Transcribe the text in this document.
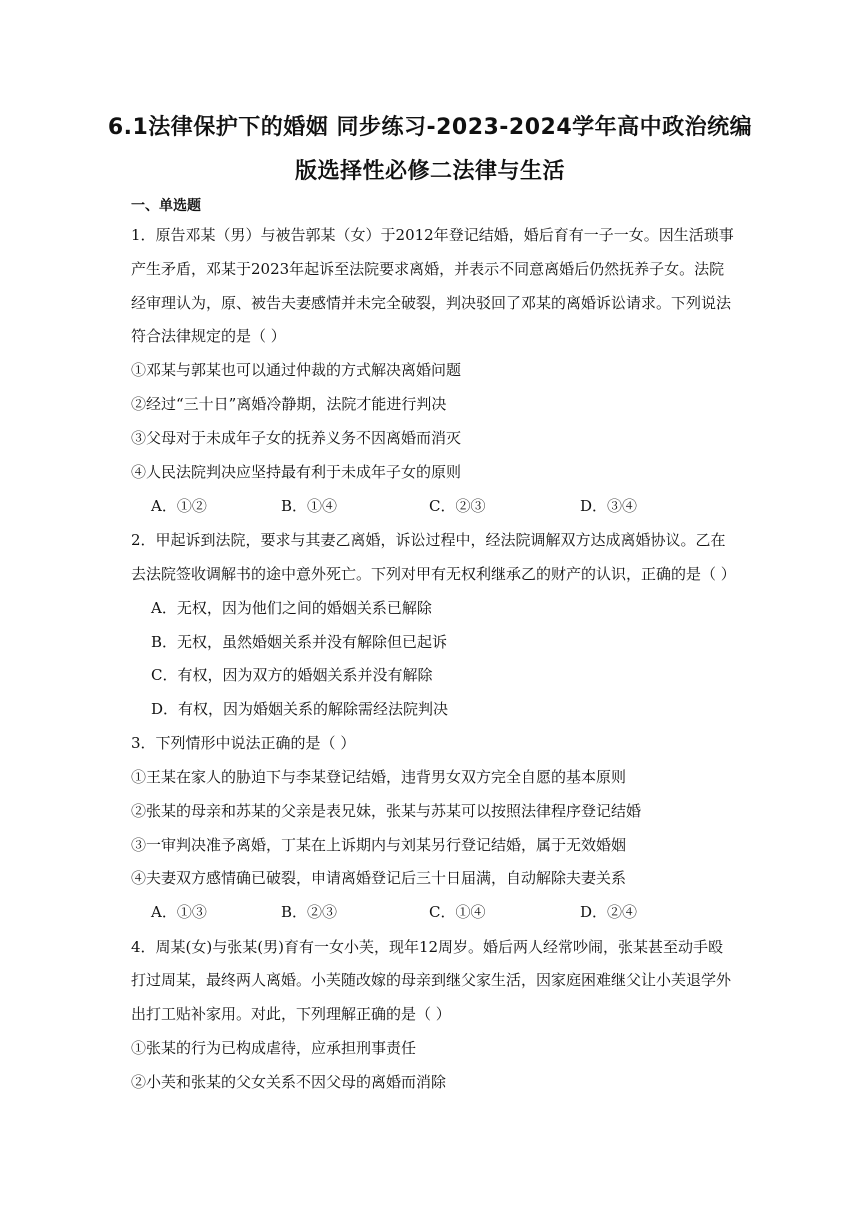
6.1法律保护下的婚姻 同步练习-2023-2024学年高中政治统编
版选择性必修二法律与生活
一、单选题
1．原告邓某（男）与被告郭某（女）于2012年登记结婚，婚后育有一子一女。因生活琐事
产生矛盾，邓某于2023年起诉至法院要求离婚，并表示不同意离婚后仍然抚养子女。法院
经审理认为，原、被告夫妻感情并未完全破裂，判决驳回了邓某的离婚诉讼请求。下列说法
符合法律规定的是（ ）
①邓某与郭某也可以通过仲裁的方式解决离婚问题
②经过“三十日”离婚冷静期，法院才能进行判决
③父母对于未成年子女的抚养义务不因离婚而消灭
④人民法院判决应坚持最有利于未成年子女的原则
A．①②	B．①④	C．②③	D．③④
2．甲起诉到法院，要求与其妻乙离婚，诉讼过程中，经法院调解双方达成离婚协议。乙在
去法院签收调解书的途中意外死亡。下列对甲有无权利继承乙的财产的认识，正确的是（ ）
A．无权，因为他们之间的婚姻关系已解除
B．无权，虽然婚姻关系并没有解除但已起诉
C．有权，因为双方的婚姻关系并没有解除
D．有权，因为婚姻关系的解除需经法院判决
3．下列情形中说法正确的是（ ）
①王某在家人的胁迫下与李某登记结婚，违背男女双方完全自愿的基本原则
②张某的母亲和苏某的父亲是表兄妹，张某与苏某可以按照法律程序登记结婚
③一审判决准予离婚，丁某在上诉期内与刘某另行登记结婚，属于无效婚姻
④夫妻双方感情确已破裂，申请离婚登记后三十日届满，自动解除夫妻关系
A．①③	B．②③	C．①④	D．②④
4．周某(女)与张某(男)育有一女小芙，现年12周岁。婚后两人经常吵闹，张某甚至动手殴
打过周某，最终两人离婚。小芙随改嫁的母亲到继父家生活，因家庭困难继父让小芙退学外
出打工贴补家用。对此，下列理解正确的是（ ）
①张某的行为已构成虐待，应承担刑事责任
②小芙和张某的父女关系不因父母的离婚而消除
